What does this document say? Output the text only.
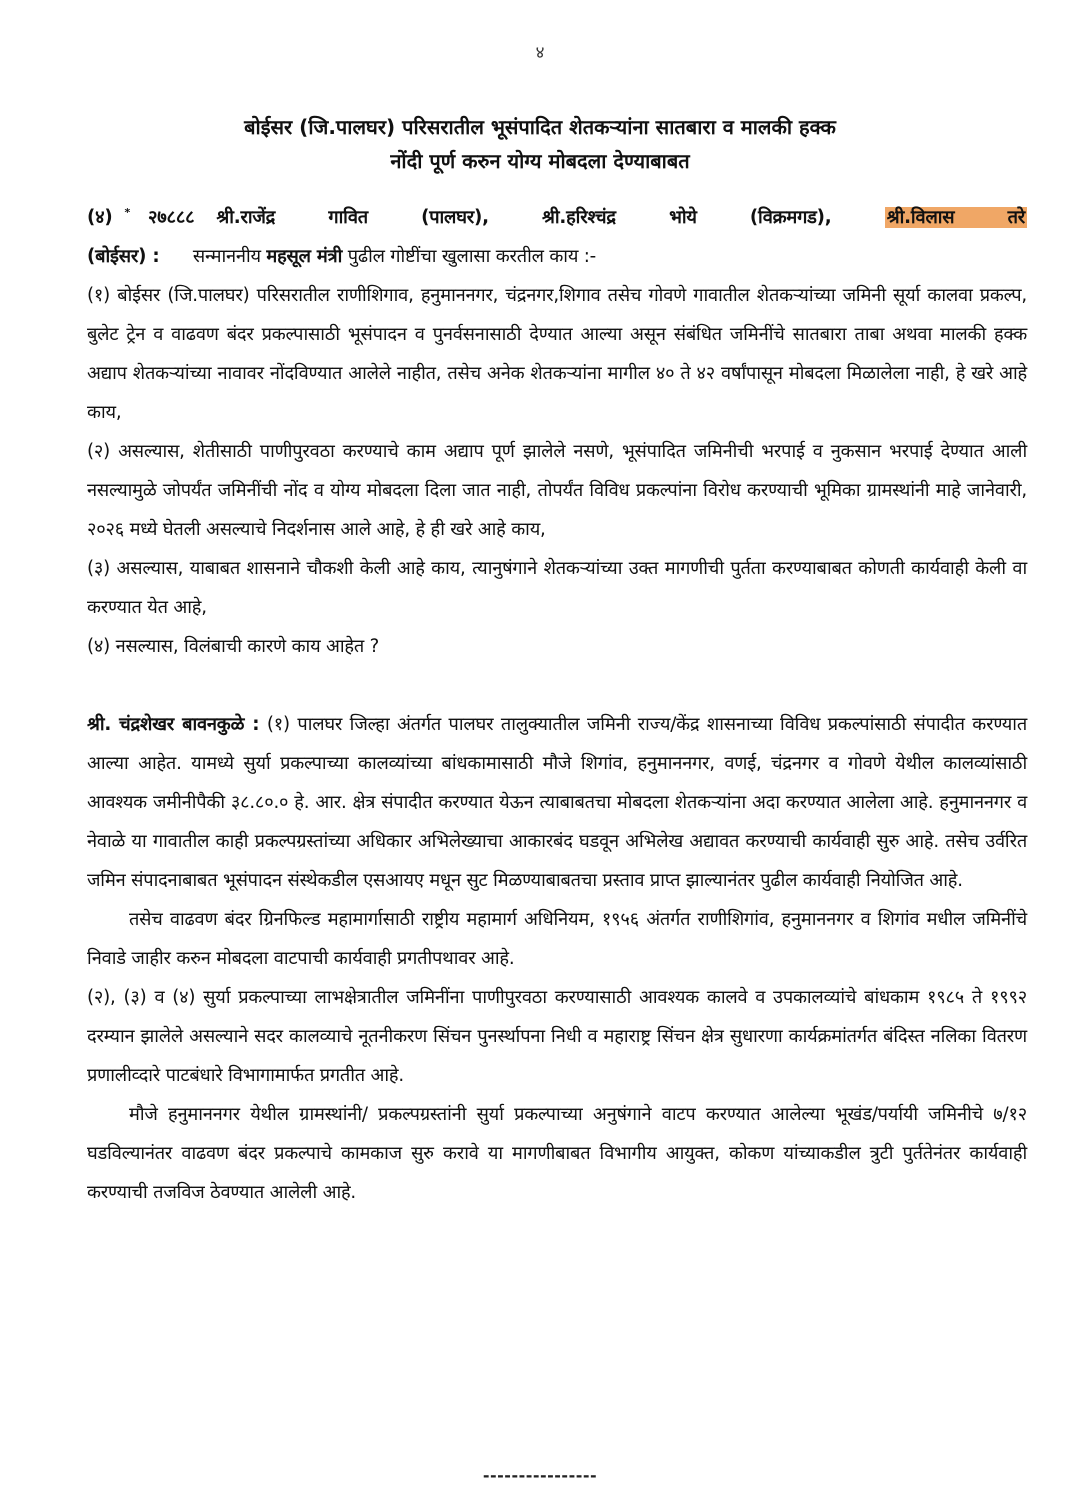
४
बोईसर (जि.पालघर) परिसरातील भूसंपादित शेतकऱ्यांना सातबारा व मालकी हक्क
नोंदी पूर्ण करुन योग्य मोबदला देण्याबाबत

(४) * २७८८८ श्री.राजेंद्र गावित (पालघर), श्री.हरिश्चंद्र भोये (विक्रमगड),	श्री.विलास तरे

(बोईसर) : सन्माननीय महसूल मंत्री पुढील गोष्टींचा खुलासा करतील काय :-

(१) बोईसर (जि.पालघर) परिसरातील राणीशिगाव, हनुमाननगर, चंद्रनगर,शिगाव तसेच गोवणे गावातील शेतकऱ्यांच्या जमिनी सूर्या कालवा प्रकल्प, बुलेट ट्रेन व वाढवण बंदर प्रकल्पासाठी भूसंपादन व पुनर्वसनासाठी देण्यात आल्या असून संबंधित जमिनींचे सातबारा ताबा अथवा मालकी हक्क अद्याप शेतकऱ्यांच्या नावावर नोंदविण्यात आलेले नाहीत, तसेच अनेक शेतकऱ्यांना मागील ४० ते ४२ वर्षांपासून मोबदला मिळालेला नाही, हे खरे आहे काय,

(२) असल्यास, शेतीसाठी पाणीपुरवठा करण्याचे काम अद्याप पूर्ण झालेले नसणे, भूसंपादित जमिनीची भरपाई व नुकसान भरपाई देण्यात आली नसल्यामुळे जोपर्यंत जमिनींची नोंद व योग्य मोबदला दिला जात नाही, तोपर्यंत विविध प्रकल्पांना विरोध करण्याची भूमिका ग्रामस्थांनी माहे जानेवारी, २०२६ मध्ये घेतली असल्याचे निदर्शनास आले आहे, हे ही खरे आहे काय,

(३) असल्यास, याबाबत शासनाने चौकशी केली आहे काय, त्यानुषंगाने शेतकऱ्यांच्या उक्त मागणीची पुर्तता करण्याबाबत कोणती कार्यवाही केली वा करण्यात येत आहे,

(४) नसल्यास, विलंबाची कारणे काय आहेत ?

श्री. चंद्रशेखर बावनकुळे : (१) पालघर जिल्हा अंतर्गत पालघर तालुक्यातील जमिनी राज्य/केंद्र शासनाच्या विविध प्रकल्पांसाठी संपादीत करण्यात आल्या आहेत. यामध्ये सुर्या प्रकल्पाच्या कालव्यांच्या बांधकामासाठी मौजे शिगांव, हनुमाननगर, वणई, चंद्रनगर व गोवणे येथील कालव्यांसाठी आवश्यक जमीनीपैकी ३८.८०.० हे. आर. क्षेत्र संपादीत करण्यात येऊन त्याबाबतचा मोबदला शेतकऱ्यांना अदा करण्यात आलेला आहे. हनुमाननगर व नेवाळे या गावातील काही प्रकल्पग्रस्तांच्या अधिकार अभिलेख्याचा आकारबंद घडवून अभिलेख अद्यावत करण्याची कार्यवाही सुरु आहे. तसेच उर्वरित जमिन संपादनाबाबत भूसंपादन संस्थेकडील एसआयए मधून सुट मिळण्याबाबतचा प्रस्ताव प्राप्त झाल्यानंतर पुढील कार्यवाही नियोजित आहे.

तसेच वाढवण बंदर ग्रिनफिल्ड महामार्गासाठी राष्ट्रीय महामार्ग अधिनियम, १९५६ अंतर्गत राणीशिगांव, हनुमाननगर व शिगांव मधील जमिनींचे निवाडे जाहीर करुन मोबदला वाटपाची कार्यवाही प्रगतीपथावर आहे.

(२), (३) व (४) सुर्या प्रकल्पाच्या लाभक्षेत्रातील जमिनींना पाणीपुरवठा करण्यासाठी आवश्यक कालवे व उपकालव्यांचे बांधकाम १९८५ ते १९९२ दरम्यान झालेले असल्याने सदर कालव्याचे नूतनीकरण सिंचन पुनर्स्थापना निधी व महाराष्ट्र सिंचन क्षेत्र सुधारणा कार्यक्रमांतर्गत बंदिस्त नलिका वितरण प्रणालीव्दारे पाटबंधारे विभागामार्फत प्रगतीत आहे.

मौजे हनुमाननगर येथील ग्रामस्थांनी/ प्रकल्पग्रस्तांनी सुर्या प्रकल्पाच्या अनुषंगाने वाटप करण्यात आलेल्या भूखंड/पर्यायी जमिनीचे ७/१२ घडविल्यानंतर वाढवण बंदर प्रकल्पाचे कामकाज सुरु करावे या मागणीबाबत विभागीय आयुक्त, कोकण यांच्याकडील त्रुटी पुर्ततेनंतर कार्यवाही करण्याची तजविज ठेवण्यात आलेली आहे.

----------------
